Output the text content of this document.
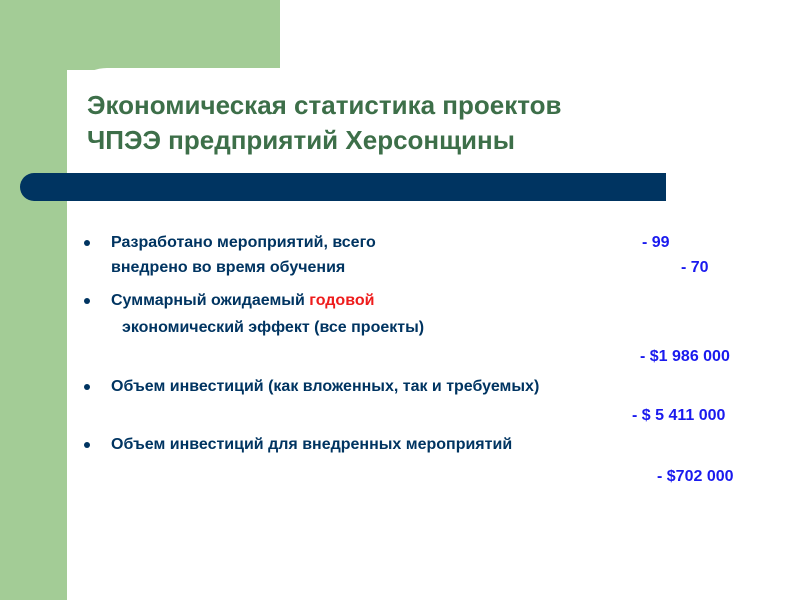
Экономическая статистика проектов
ЧПЭЭ предприятий Херсонщины
Разработано мероприятий, всего	- 99
внедрено во время обучения	- 70
Суммарный ожидаемый годовой
экономический эффект (все проекты)
- $1 986 000
Объем инвестиций (как вложенных, так и требуемых)
- $ 5 411 000
Объем инвестиций для внедренных мероприятий
- $702 000
